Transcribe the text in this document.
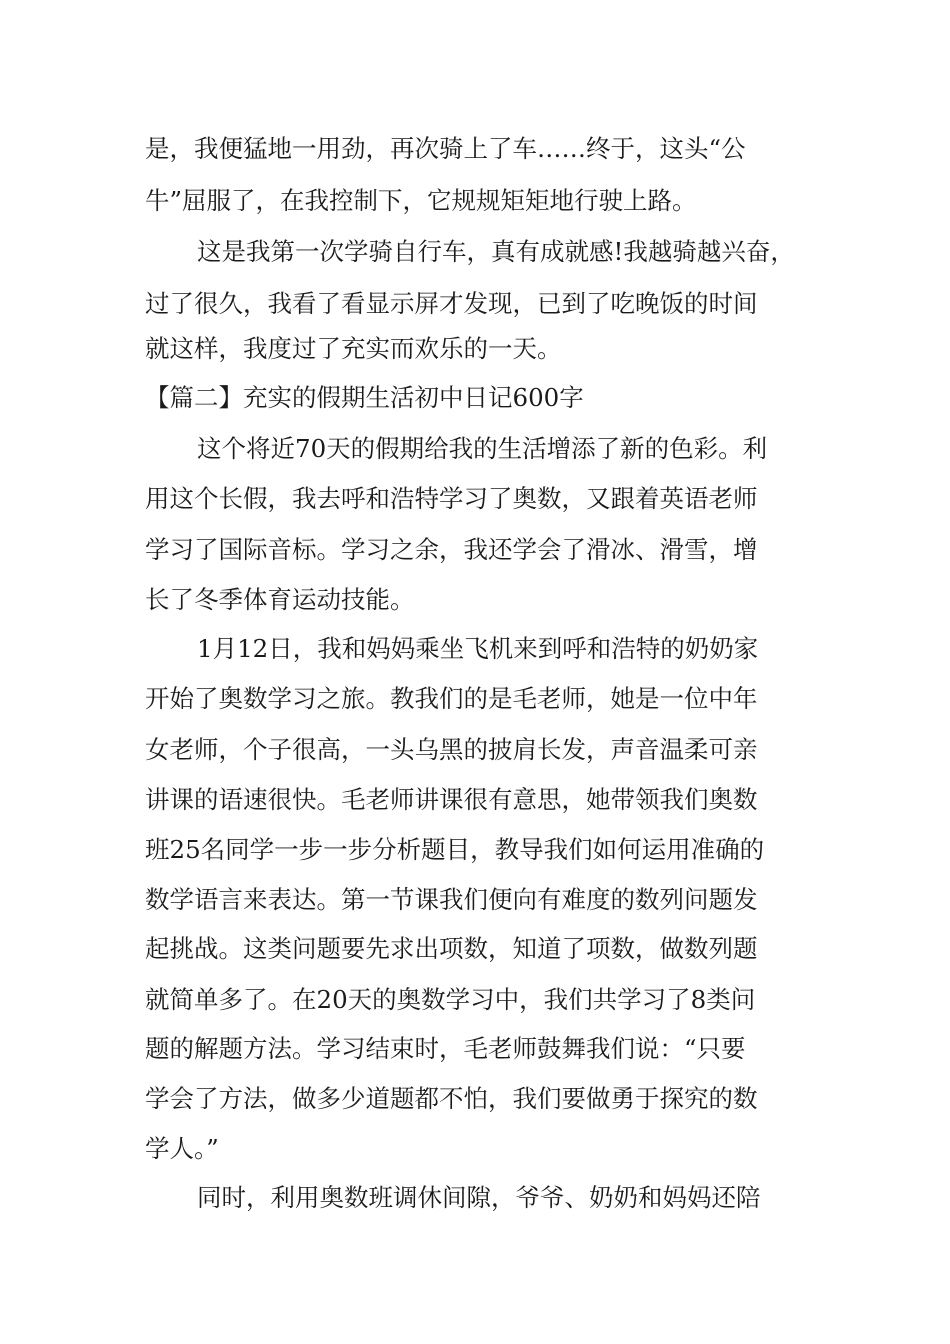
是，我便猛地一用劲，再次骑上了车……终于，这头“公

牛”屈服了，在我控制下，它规规矩矩地行驶上路。

这是我第一次学骑自行车，真有成就感!我越骑越兴奋，

过了很久，我看了看显示屏才发现，已到了吃晚饭的时间

就这样，我度过了充实而欢乐的一天。

【篇二】充实的假期生活初中日记600字

这个将近70天的假期给我的生活增添了新的色彩。利

用这个长假，我去呼和浩特学习了奥数，又跟着英语老师

学习了国际音标。学习之余，我还学会了滑冰、滑雪，增

长了冬季体育运动技能。

1月12日，我和妈妈乘坐飞机来到呼和浩特的奶奶家

开始了奥数学习之旅。教我们的是毛老师，她是一位中年

女老师，个子很高，一头乌黑的披肩长发，声音温柔可亲

讲课的语速很快。毛老师讲课很有意思，她带领我们奥数

班25名同学一步一步分析题目，教导我们如何运用准确的

数学语言来表达。第一节课我们便向有难度的数列问题发

起挑战。这类问题要先求出项数，知道了项数，做数列题

就简单多了。在20天的奥数学习中，我们共学习了8类问

题的解题方法。学习结束时，毛老师鼓舞我们说：“只要

学会了方法，做多少道题都不怕，我们要做勇于探究的数

学人。”

同时，利用奥数班调休间隙，爷爷、奶奶和妈妈还陪
